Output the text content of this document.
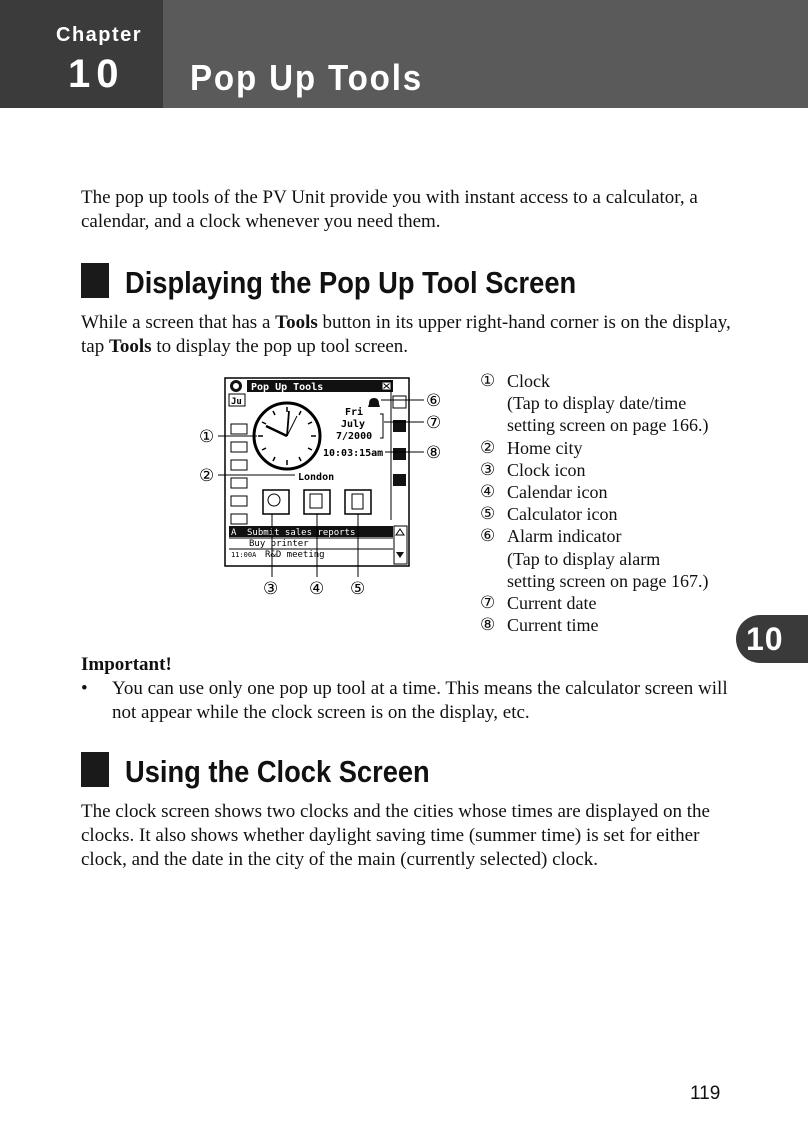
Chapter
10 Pop Up Tools

The pop up tools of the PV Unit provide you with instant access to a calculator, a calendar, and a clock whenever you need them.

Displaying the Pop Up Tool Screen

While a screen that has a Tools button in its upper right-hand corner is on the display, tap Tools to display the pop up tool screen.

Pop Up Tools
Ju
Fri
July
7/2000
10:03:15am
London
Submit sales reports
A
Buy printer
11:00A R&D meeting
①
②
③ ④ ⑤
⑥
⑦
⑧
① Clock
(Tap to display date/time
setting screen on page 166.)
② Home city
③ Clock icon
④ Calendar icon
⑤ Calculator icon
⑥ Alarm indicator
(Tap to display alarm
setting screen on page 167.)
⑦ Current date
⑧ Current time
Important!
• You can use only one pop up tool at a time. This means the calculator screen will not appear while the clock screen is on the display, etc.
Using the Clock Screen

The clock screen shows two clocks and the cities whose times are displayed on the clocks. It also shows whether daylight saving time (summer time) is set for either clock, and the date in the city of the main (currently selected) clock.

10
119
